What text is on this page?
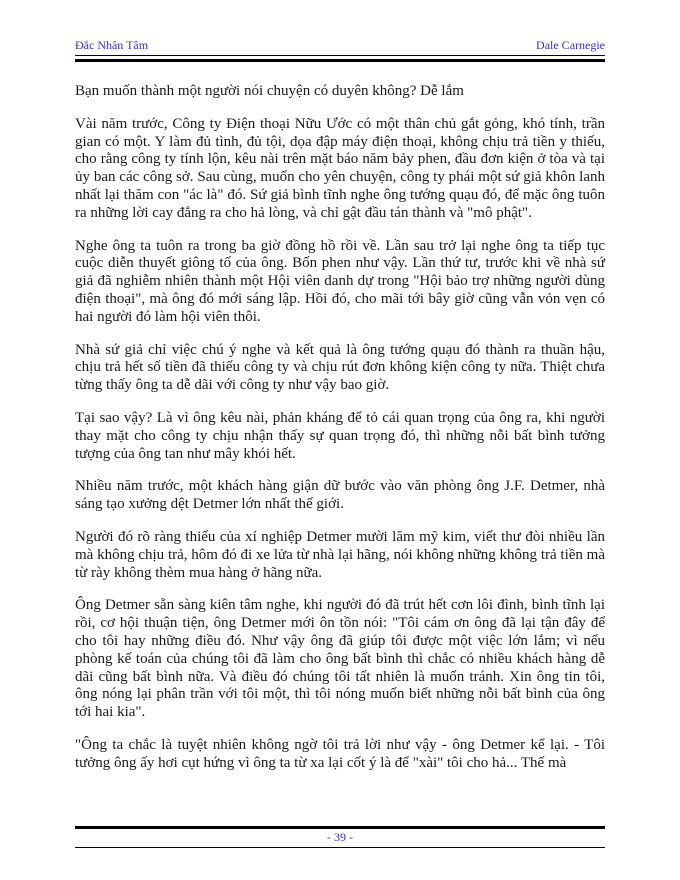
Đắc Nhân Tâm	Dale Carnegie

Bạn muốn thành một người nói chuyện có duyên không? Dễ lắm

Vài năm trước, Công ty Điện thoại Nữu Ước có một thân chủ gắt gỏng, khó tính, trần gian có một. Y làm đủ tình, đủ tội, dọa đập máy điện thoại, không chịu trả tiền y thiếu, cho rằng công ty tính lộn, kêu nài trên mặt báo năm bảy phen, đầu đơn kiện ở tòa và tại ủy ban các công sở. Sau cùng, muốn cho yên chuyện, công ty phái một sứ giả khôn lanh nhất lại thăm con "ác là" đó. Sứ giả bình tĩnh nghe ông tướng quạu đó, để mặc ông tuôn ra những lời cay đắng ra cho hả lòng, và chỉ gật đầu tán thành và "mô phật".

Nghe ông ta tuôn ra trong ba giờ đồng hồ rồi về. Lần sau trở lại nghe ông ta tiếp tục cuộc diễn thuyết giông tố của ông. Bốn phen như vậy. Lần thứ tư, trước khi về nhà sứ giả đã nghiễm nhiên thành một Hội viên danh dự trong "Hội bảo trợ những người dùng điện thoại", mà ông đó mới sáng lập. Hồi đó, cho mãi tới bây giờ cũng vẫn vỏn vẹn có hai người đó làm hội viên thôi.

Nhà sứ giả chỉ việc chú ý nghe và kết quả là ông tướng quạu đó thành ra thuần hậu, chịu trả hết số tiền đã thiếu công ty và chịu rút đơn không kiện công ty nữa. Thiệt chưa từng thấy ông ta dễ dãi với công ty như vậy bao giờ.

Tại sao vậy? Là vì ông kêu nài, phản kháng để tỏ cái quan trọng của ông ra, khi người thay mặt cho công ty chịu nhận thấy sự quan trọng đó, thì những nỗi bất bình tưởng tượng của ông tan như mây khói hết.

Nhiều năm trước, một khách hàng giận dữ bước vào văn phòng ông J.F. Detmer, nhà sáng tạo xưởng dệt Detmer lớn nhất thế giới.

Người đó rõ ràng thiếu của xí nghiệp Detmer mười lăm mỹ kim, viết thư đòi nhiều lần mà không chịu trả, hôm đó đi xe lửa từ nhà lại hãng, nói không những không trả tiền mà từ rày không thèm mua hàng ở hãng nữa.

Ông Detmer sẵn sàng kiên tâm nghe, khi người đó đã trút hết cơn lôi đình, bình tĩnh lại rồi, cơ hội thuận tiện, ông Detmer mới ôn tồn nói: "Tôi cám ơn ông đã lại tận đây để cho tôi hay những điều đó. Như vậy ông đã giúp tôi được một việc lớn lắm; vì nếu phòng kế toán của chúng tôi đã làm cho ông bất bình thì chắc có nhiều khách hàng dễ dãi cũng bất bình nữa. Và điều đó chúng tôi tất nhiên là muốn tránh. Xin ông tin tôi, ông nóng lại phân trần với tôi một, thì tôi nóng muốn biết những nỗi bất bình của ông tới hai kia".

"Ông ta chắc là tuyệt nhiên không ngờ tôi trả lời như vậy - ông Detmer kể lại. - Tôi tưởng ông ấy hơi cụt hứng vì ông ta từ xa lại cốt ý là để "xài" tôi cho hả... Thế mà

- 39 -
